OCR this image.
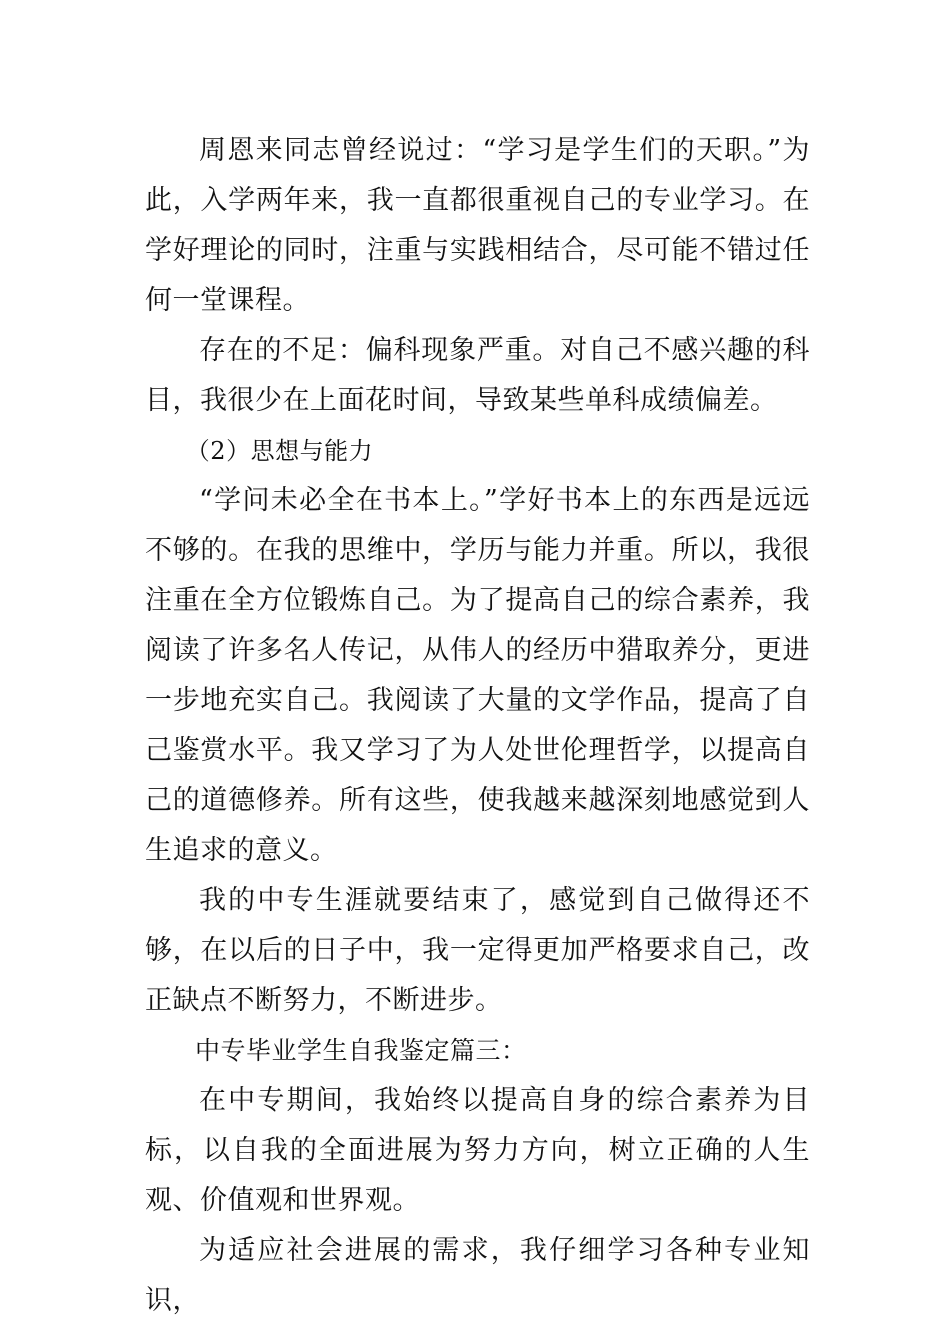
周恩来同志曾经说过：“学习是学生们的天职。”为此，入学两年来，我一直都很重视自己的专业学习。在学好理论的同时，注重与实践相结合，尽可能不错过任何一堂课程。

存在的不足：偏科现象严重。对自己不感兴趣的科目，我很少在上面花时间，导致某些单科成绩偏差。

（2）思想与能力

“学问未必全在书本上。”学好书本上的东西是远远不够的。在我的思维中，学历与能力并重。所以，我很注重在全方位锻炼自己。为了提高自己的综合素养，我阅读了许多名人传记，从伟人的经历中猎取养分，更进一步地充实自己。我阅读了大量的文学作品，提高了自己鉴赏水平。我又学习了为人处世伦理哲学，以提高自己的道德修养。所有这些，使我越来越深刻地感觉到人生追求的意义。

我的中专生涯就要结束了，感觉到自己做得还不够，在以后的日子中，我一定得更加严格要求自己，改正缺点不断努力，不断进步。

中专毕业学生自我鉴定篇三：

在中专期间，我始终以提高自身的综合素养为目标，以自我的全面进展为努力方向，树立正确的人生观、价值观和世界观。

为适应社会进展的需求，我仔细学习各种专业知识，
